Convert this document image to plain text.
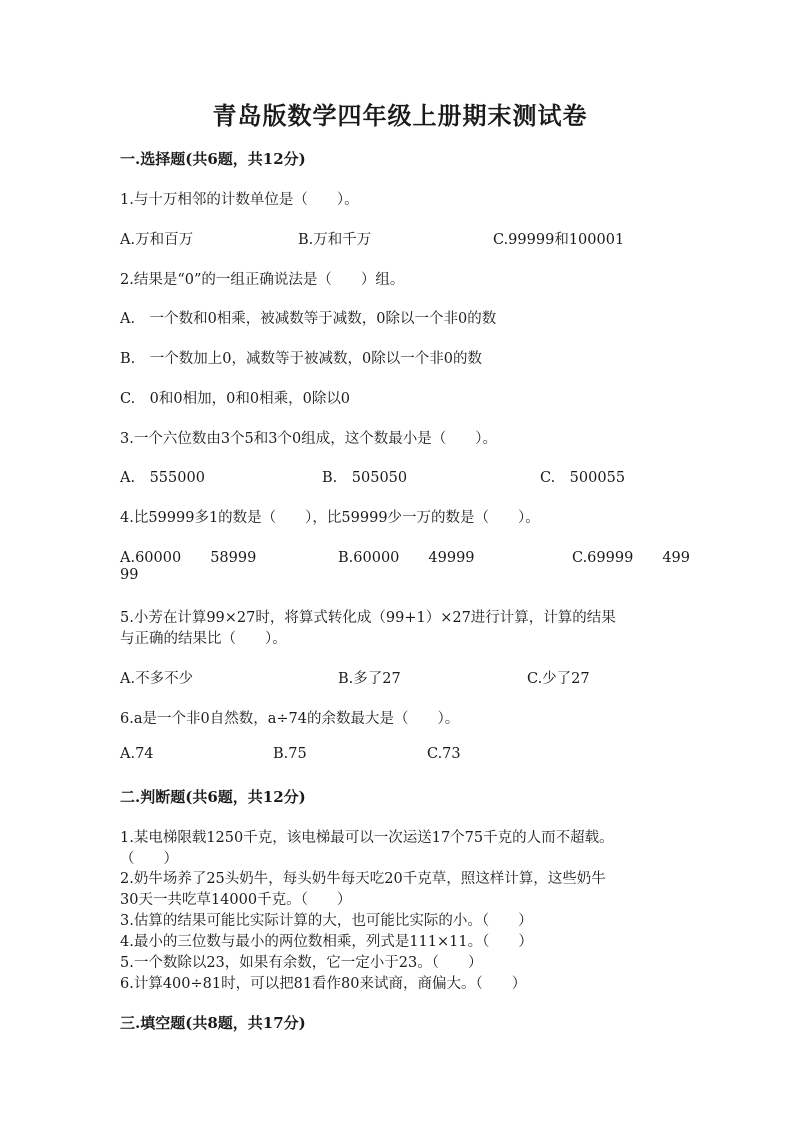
青岛版数学四年级上册期末测试卷
一.选择题(共6题，共12分)
1.与十万相邻的计数单位是（　　）。
A.万和百万	B.万和千万	C.99999和100001
2.结果是“0”的一组正确说法是（　　）组。
A.　一个数和0相乘，被减数等于减数，0除以一个非0的数
B.　一个数加上0，减数等于被减数，0除以一个非0的数
C.　0和0相加，0和0相乘，0除以0
3.一个六位数由3个5和3个0组成，这个数最小是（　　）。
A.　555000	B.　505050	C.　500055
4.比59999多1的数是（　　），比59999少一万的数是（　　）。
A.60000　　58999	B.60000　　49999	C.69999　　499
99
5.小芳在计算99×27时，将算式转化成（99+1）×27进行计算，计算的结果
与正确的结果比（　　）。
A.不多不少	B.多了27	C.少了27
6.a是一个非0自然数，a÷74的余数最大是（　　）。
A.74	B.75	C.73
二.判断题(共6题，共12分)
1.某电梯限载1250千克，该电梯最可以一次运送17个75千克的人而不超载。
（　　）
2.奶牛场养了25头奶牛，每头奶牛每天吃20千克草，照这样计算，这些奶牛
30天一共吃草14000千克。（　　）
3.估算的结果可能比实际计算的大，也可能比实际的小。（　　）
4.最小的三位数与最小的两位数相乘，列式是111×11。（　　）
5.一个数除以23，如果有余数，它一定小于23。（　　）
6.计算400÷81时，可以把81看作80来试商，商偏大。（　　）
三.填空题(共8题，共17分)
